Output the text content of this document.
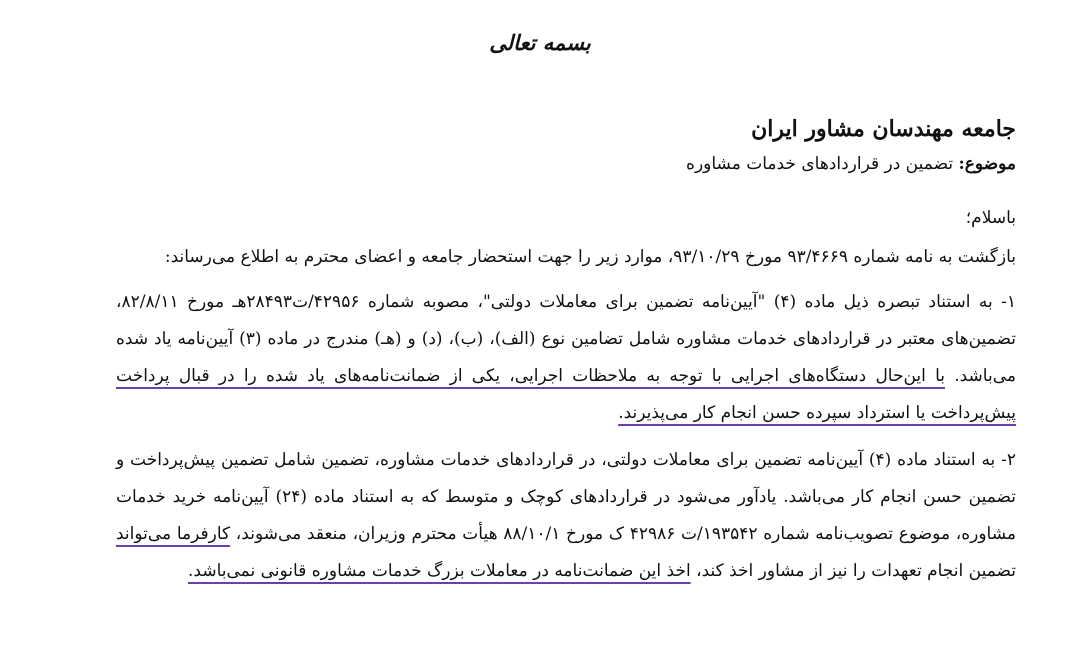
بسمه تعالی
جامعه مهندسان مشاور ایران
موضوع: تضمین در قراردادهای خدمات مشاوره
باسلام؛
بازگشت به نامه شماره ۹۳/۴۶۶۹ مورخ ۹۳/۱۰/۲۹، موارد زیر را جهت استحضار جامعه و اعضای محترم به اطلاع می‌رساند:
۱- به استناد تبصره ذیل ماده (۴) "آیین‌نامه تضمین برای معاملات دولتی"، مصوبه شماره ۴۲۹۵۶/ت۲۸۴۹۳هـ مورخ ۸۲/۸/۱۱، تضمین‌های معتبر در قراردادهای خدمات مشاوره شامل تضامین نوع (الف)، (ب)، (د) و (هـ) مندرج در ماده (۳) آیین‌نامه یاد شده می‌باشد. با این‌حال دستگاه‌های اجرایی با توجه به ملاحظات اجرایی، یکی از ضمانت‌نامه‌های یاد شده را در قبال پرداخت پیش‌پرداخت یا استرداد سپرده حسن انجام کار می‌پذیرند.
۲- به استناد ماده (۴) آیین‌نامه تضمین برای معاملات دولتی، در قراردادهای خدمات مشاوره، تضمین شامل تضمین پیش‌پرداخت و تضمین حسن انجام کار می‌باشد. یادآور می‌شود در قراردادهای کوچک و متوسط که به استناد ماده (۲۴) آیین‌نامه خرید خدمات مشاوره، موضوع تصویب‌نامه شماره ۱۹۳۵۴۲/ت ۴۲۹۸۶ ک مورخ ۸۸/۱۰/۱ هیأت محترم وزیران، منعقد می‌شوند، کارفرما می‌تواند تضمین انجام تعهدات را نیز از مشاور اخذ کند، اخذ این ضمانت‌نامه در معاملات بزرگ خدمات مشاوره قانونی نمی‌باشد.
